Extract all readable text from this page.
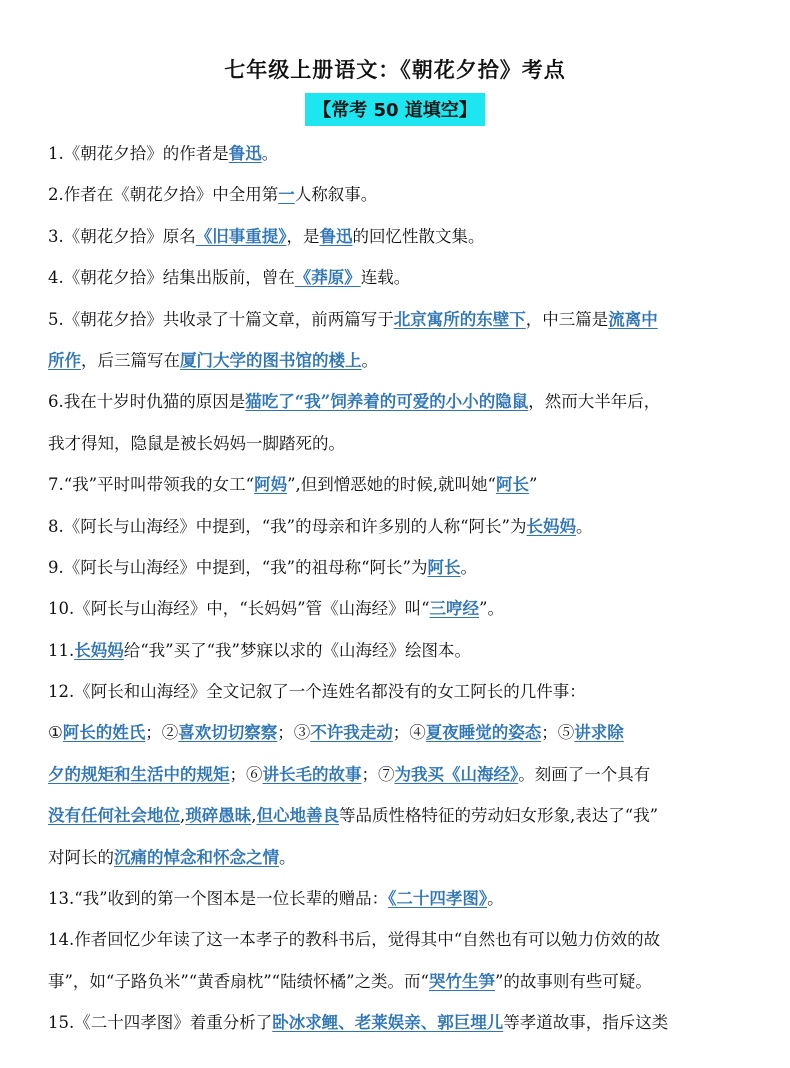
七年级上册语文：《朝花夕拾》考点
【常考 50 道填空】
1.《朝花夕拾》的作者是鲁迅。
2.作者在《朝花夕拾》中全用第一人称叙事。
3.《朝花夕拾》原名《旧事重提》，是鲁迅的回忆性散文集。
4.《朝花夕拾》结集出版前，曾在《莽原》连载。
5.《朝花夕拾》共收录了十篇文章，前两篇写于北京寓所的东壁下，中三篇是流离中
所作，后三篇写在厦门大学的图书馆的楼上。
6.我在十岁时仇猫的原因是猫吃了“我”饲养着的可爱的小小的隐鼠，然而大半年后，
我才得知，隐鼠是被长妈妈一脚踏死的。
7.“我”平时叫带领我的女工“阿妈”,但到憎恶她的时候,就叫她“阿长”
8.《阿长与山海经》中提到，“我”的母亲和许多别的人称“阿长”为长妈妈。
9.《阿长与山海经》中提到，“我”的祖母称“阿长”为阿长。
10.《阿长与山海经》中，“长妈妈”管《山海经》叫“三哼经”。
11.长妈妈给“我”买了“我”梦寐以求的《山海经》绘图本。
12.《阿长和山海经》全文记叙了一个连姓名都没有的女工阿长的几件事：
①阿长的姓氏；②喜欢切切察察；③不许我走动；④夏夜睡觉的姿态；⑤讲求除
夕的规矩和生活中的规矩；⑥讲长毛的故事；⑦为我买《山海经》。刻画了一个具有
没有任何社会地位,琐碎愚昧,但心地善良等品质性格特征的劳动妇女形象,表达了“我”
对阿长的沉痛的悼念和怀念之情。
13.“我”收到的第一个图本是一位长辈的赠品：《二十四孝图》。
14.作者回忆少年读了这一本孝子的教科书后，觉得其中“自然也有可以勉力仿效的故
事”，如“子路负米”“黄香扇枕”“陆绩怀橘”之类。而“哭竹生笋”的故事则有些可疑。
15.《二十四孝图》着重分析了卧冰求鲤、老莱娱亲、郭巨埋儿等孝道故事，指斥这类
